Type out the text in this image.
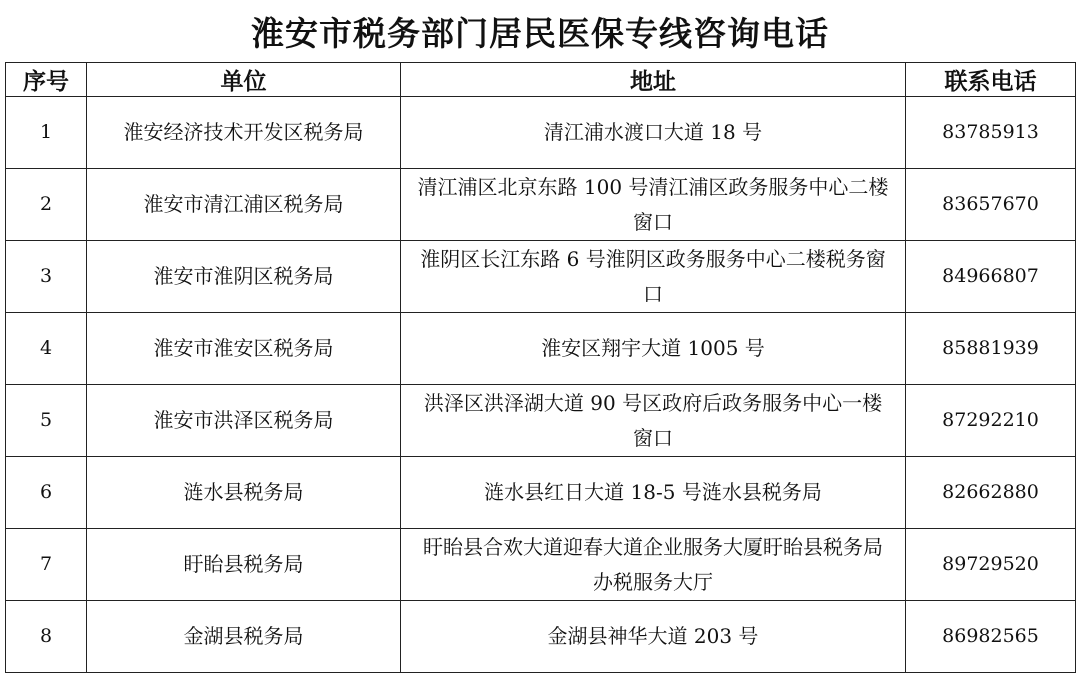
淮安市税务部门居民医保专线咨询电话
序号	单位	地址	联系电话
1	淮安经济技术开发区税务局	清江浦水渡口大道 18 号	83785913
2	淮安市清江浦区税务局	清江浦区北京东路 100 号清江浦区政务服务中心二楼窗口	83657670
3	淮安市淮阴区税务局	淮阴区长江东路 6 号淮阴区政务服务中心二楼税务窗口	84966807
4	淮安市淮安区税务局	淮安区翔宇大道 1005 号	85881939
5	淮安市洪泽区税务局	洪泽区洪泽湖大道 90 号区政府后政务服务中心一楼窗口	87292210
6	涟水县税务局	涟水县红日大道 18-5 号涟水县税务局	82662880
7	盱眙县税务局	盱眙县合欢大道迎春大道企业服务大厦盱眙县税务局办税服务大厅	89729520
8	金湖县税务局	金湖县神华大道 203 号	86982565
